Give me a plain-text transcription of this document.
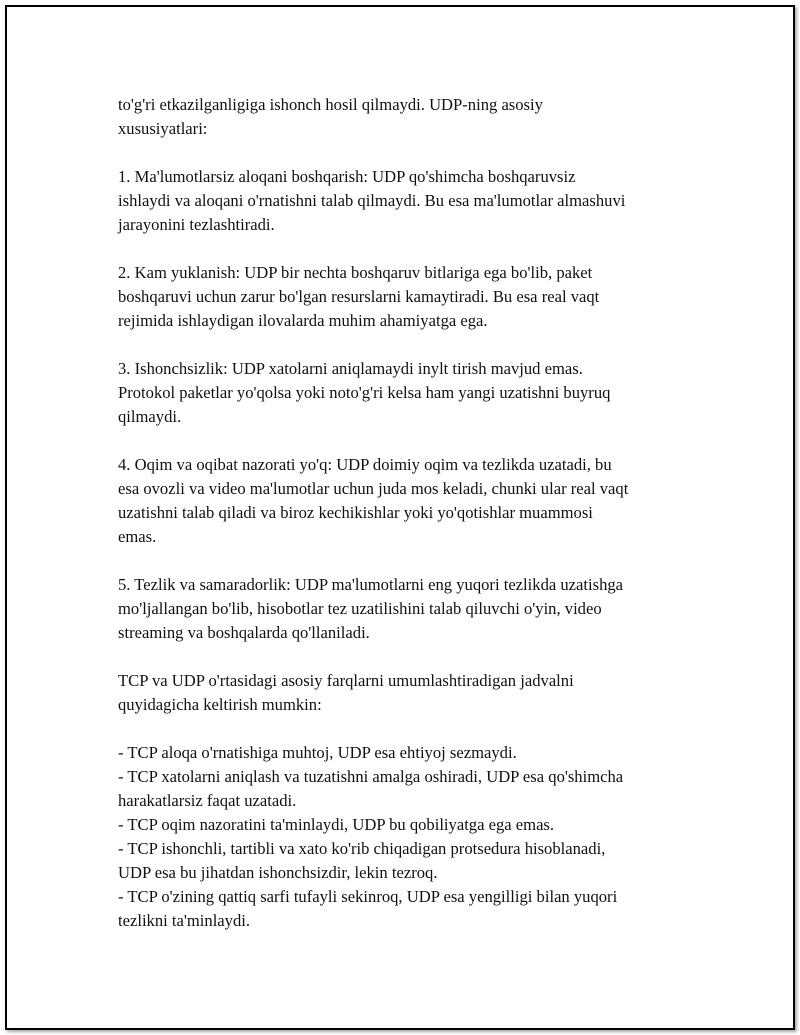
to'g'ri etkazilganligiga ishonch hosil qilmaydi. UDP-ning asosiy
xususiyatlari:
1. Ma'lumotlarsiz aloqani boshqarish: UDP qo'shimcha boshqaruvsiz
ishlaydi va aloqani o'rnatishni talab qilmaydi. Bu esa ma'lumotlar almashuvi
jarayonini tezlashtiradi.
2. Kam yuklanish: UDP bir nechta boshqaruv bitlariga ega bo'lib, paket
boshqaruvi uchun zarur bo'lgan resurslarni kamaytiradi. Bu esa real vaqt
rejimida ishlaydigan ilovalarda muhim ahamiyatga ega.
3. Ishonchsizlik: UDP xatolarni aniqlamaydi inylt tirish mavjud emas.
Protokol paketlar yo'qolsa yoki noto'g'ri kelsa ham yangi uzatishni buyruq
qilmaydi.
4. Oqim va oqibat nazorati yo'q: UDP doimiy oqim va tezlikda uzatadi, bu
esa ovozli va video ma'lumotlar uchun juda mos keladi, chunki ular real vaqt
uzatishni talab qiladi va biroz kechikishlar yoki yo'qotishlar muammosi
emas.
5. Tezlik va samaradorlik: UDP ma'lumotlarni eng yuqori tezlikda uzatishga
mo'ljallangan bo'lib, hisobotlar tez uzatilishini talab qiluvchi o'yin, video
streaming va boshqalarda qo'llaniladi.
TCP va UDP o'rtasidagi asosiy farqlarni umumlashtiradigan jadvalni
quyidagicha keltirish mumkin:
- TCP aloqa o'rnatishiga muhtoj, UDP esa ehtiyoj sezmaydi.
- TCP xatolarni aniqlash va tuzatishni amalga oshiradi, UDP esa qo'shimcha
harakatlarsiz faqat uzatadi.
- TCP oqim nazoratini ta'minlaydi, UDP bu qobiliyatga ega emas.
- TCP ishonchli, tartibli va xato ko'rib chiqadigan protsedura hisoblanadi,
UDP esa bu jihatdan ishonchsizdir, lekin tezroq.
- TCP o'zining qattiq sarfi tufayli sekinroq, UDP esa yengilligi bilan yuqori
tezlikni ta'minlaydi.
